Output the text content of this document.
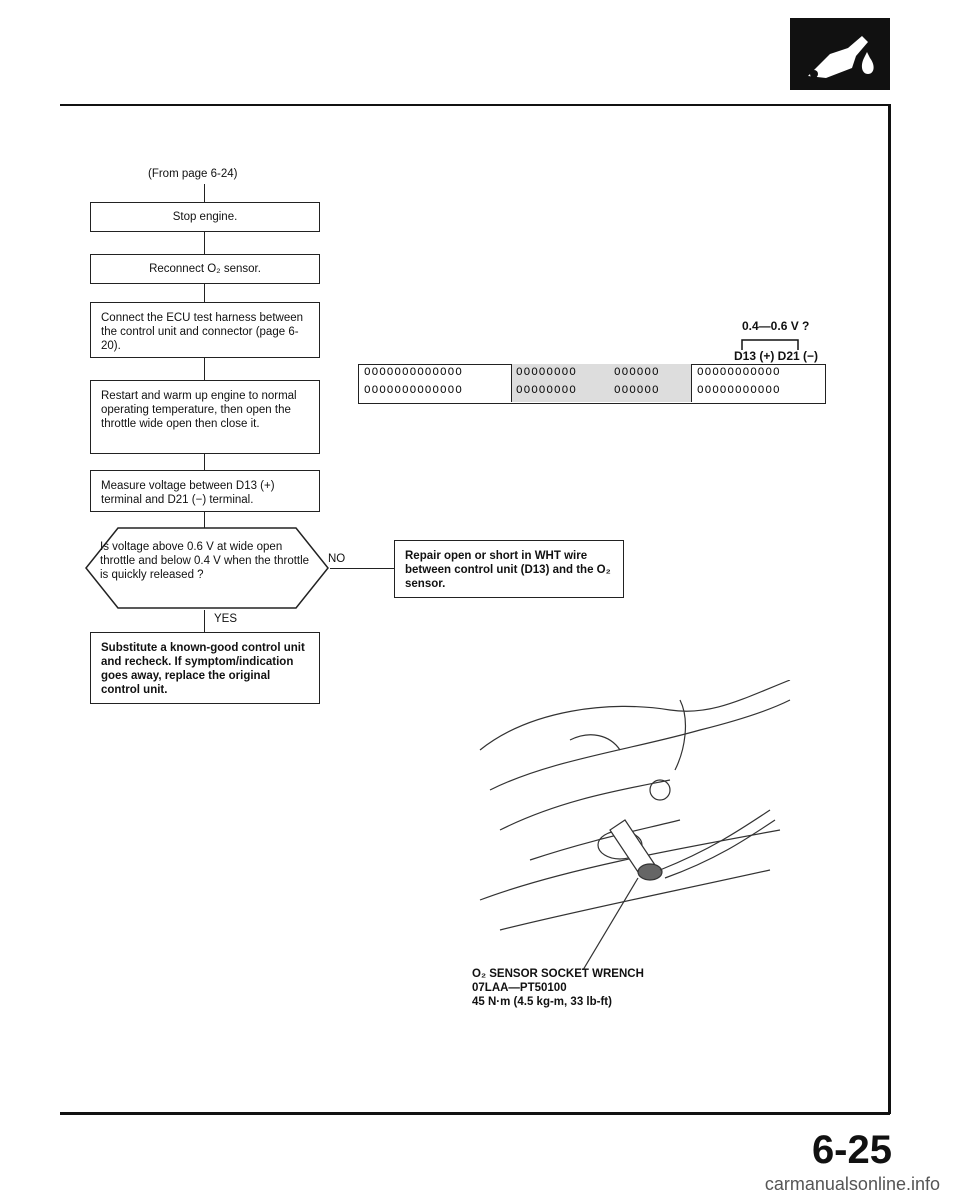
(From page 6-24)
Stop engine.
Reconnect O₂ sensor.
Connect the ECU test harness between the control unit and connector (page 6-20).
Restart and warm up engine to normal operating temperature, then open the throttle wide open then close it.
Measure voltage between D13 (+) terminal and D21 (−) terminal.
Is voltage above 0.6 V at wide open throttle and below 0.4 V when the throttle is quickly released ?
NO	Repair open or short in WHT wire between control unit (D13) and the O₂ sensor.
YES
Substitute a known-good control unit and recheck. If symptom/indication goes away, replace the original control unit.
0.4—0.6 V ?
D13 (+) D21 (−)
OOOOOOOOOOOOO
OOOOOOOOOOOOO
OOOOOOOO
OOOOOOOO
OOOOOO
OOOOOO
OOOOOOOOOOO
OOOOOOOOOOO
O₂ SENSOR SOCKET WRENCH
07LAA—PT50100
45 N·m (4.5 kg-m, 33 lb-ft)
6-25
carmanualsonline.info
